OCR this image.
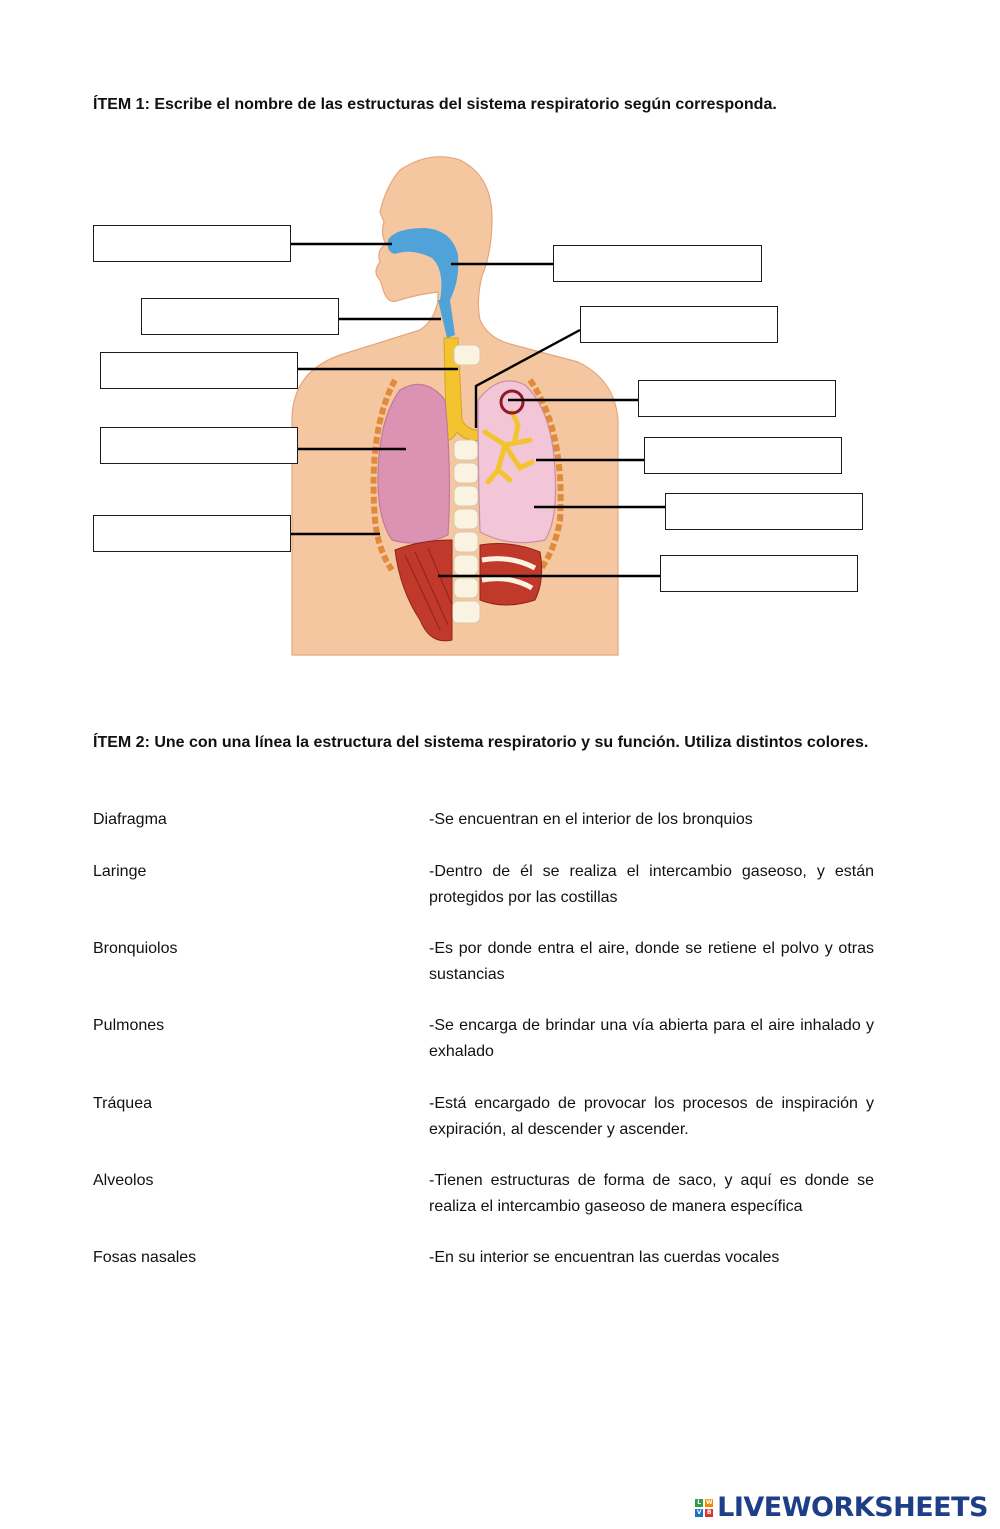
ÍTEM 1: Escribe el nombre de las estructuras del sistema respiratorio según corresponda.
ÍTEM 2: Une con una línea la estructura del sistema respiratorio y su función. Utiliza distintos colores.
Diafragma	-Se encuentran en el interior de los bronquios
Laringe	-Dentro de él se realiza el intercambio gaseoso, y están protegidos por las costillas
Bronquiolos	-Es por donde entra el aire, donde se retiene el polvo y otras sustancias
Pulmones	-Se encarga de brindar una vía abierta para el aire inhalado y exhalado
Tráquea	-Está encargado de provocar los procesos de inspiración y expiración, al descender y ascender.
Alveolos	-Tienen estructuras de forma de saco, y aquí es donde se realiza el intercambio gaseoso de manera específica
Fosas nasales	-En su interior se encuentran las cuerdas vocales
L W
V B LIVEWORKSHEETS
